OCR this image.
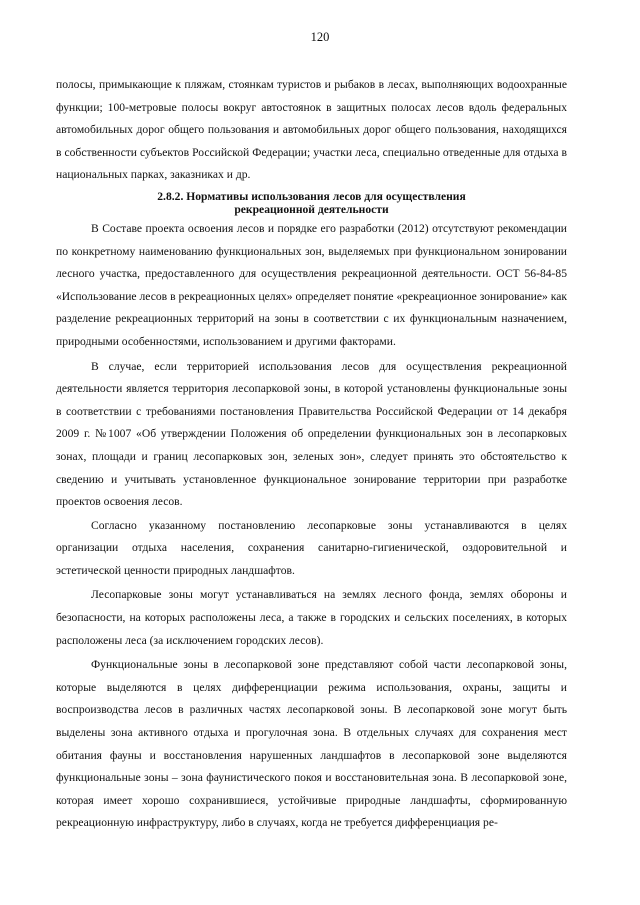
120

полосы, примыкающие к пляжам, стоянкам туристов и рыбаков в лесах, выполняющих водоохранные функции; 100-метровые полосы вокруг автостоянок в защитных полосах лесов вдоль федеральных автомобильных дорог общего пользования и автомобильных дорог общего пользования, находящихся в собственности субъектов Российской Федерации; участки леса, специально отведенные для отдыха в национальных парках, заказниках и др.

2.8.2. Нормативы использования лесов для осуществления
рекреационной деятельности

В Составе проекта освоения лесов и порядке его разработки (2012) отсутствуют рекомендации по конкретному наименованию функциональных зон, выделяемых при функциональном зонировании лесного участка, предоставленного для осуществления рекреационной деятельности. ОСТ 56-84-85 «Использование лесов в рекреационных целях» определяет понятие «рекреационное зонирование» как разделение рекреационных территорий на зоны в соответствии с их функциональным назначением, природными особенностями, использованием и другими факторами.

В случае, если территорией использования лесов для осуществления рекреационной деятельности является территория лесопарковой зоны, в которой установлены функциональные зоны в соответствии с требованиями постановления Правительства Российской Федерации от 14 декабря 2009 г. №1007 «Об утверждении Положения об определении функциональных зон в лесопарковых зонах, площади и границ лесопарковых зон, зеленых зон», следует принять это обстоятельство к сведению и учитывать установленное функциональное зонирование территории при разработке проектов освоения лесов.

Согласно указанному постановлению лесопарковые зоны устанавливаются в целях организации отдыха населения, сохранения санитарно-гигиенической, оздоровительной и эстетической ценности природных ландшафтов.

Лесопарковые зоны могут устанавливаться на землях лесного фонда, землях обороны и безопасности, на которых расположены леса, а также в городских и сельских поселениях, в которых расположены леса (за исключением городских лесов).

Функциональные зоны в лесопарковой зоне представляют собой части лесопарковой зоны, которые выделяются в целях дифференциации режима использования, охраны, защиты и воспроизводства лесов в различных частях лесопарковой зоны. В лесопарковой зоне могут быть выделены зона активного отдыха и прогулочная зона. В отдельных случаях для сохранения мест обитания фауны и восстановления нарушенных ландшафтов в лесопарковой зоне выделяются функциональные зоны – зона фаунистического покоя и восстановительная зона. В лесопарковой зоне, которая имеет хорошо сохранившиеся, устойчивые природные ландшафты, сформированную рекреационную инфраструктуру, либо в случаях, когда не требуется дифференциация ре-
